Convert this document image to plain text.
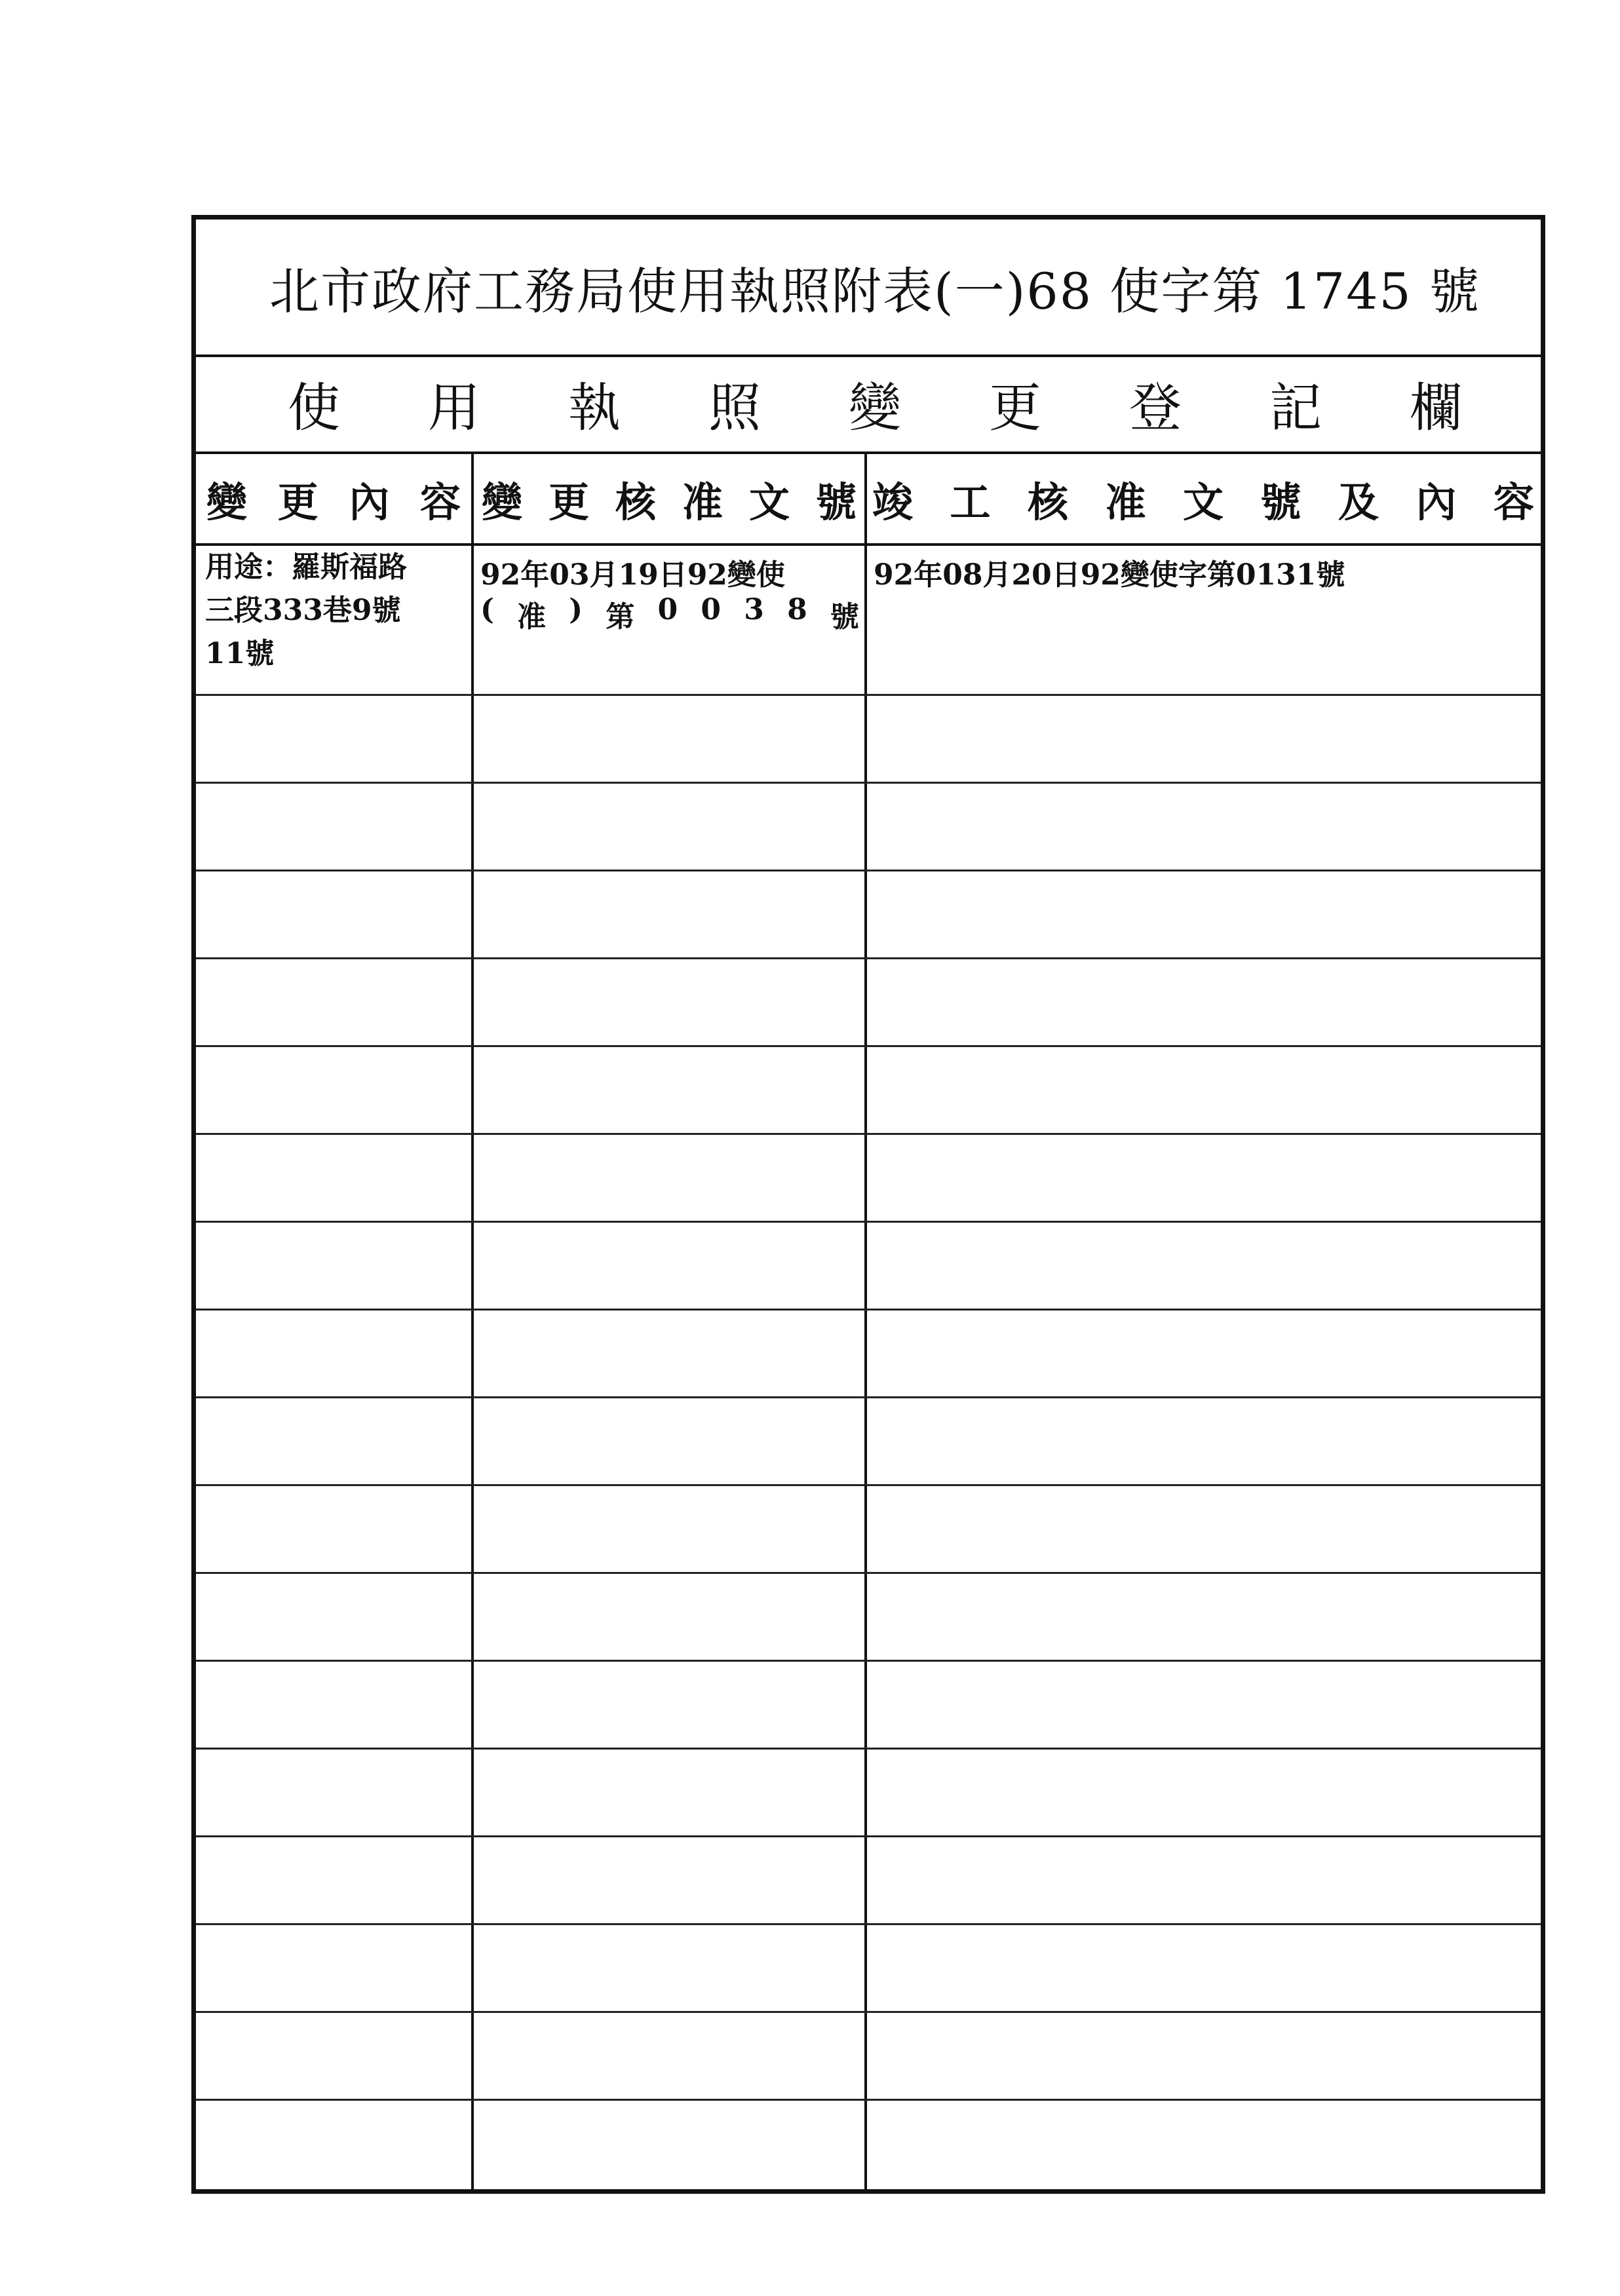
北市政府工務局使用執照附表(一)68 使字第 1745 號
使 用 執 照 變 更 登 記 欄
變 更 內 容 變 更 核 准 文 號 竣 工 核 准 文 號 及 內 容
用途：羅斯福路
三段333巷9號
11號
92年03月19日92變使
( 准 ) 第 0 0 3 8 號
92年08月20日92變使字第0131號
